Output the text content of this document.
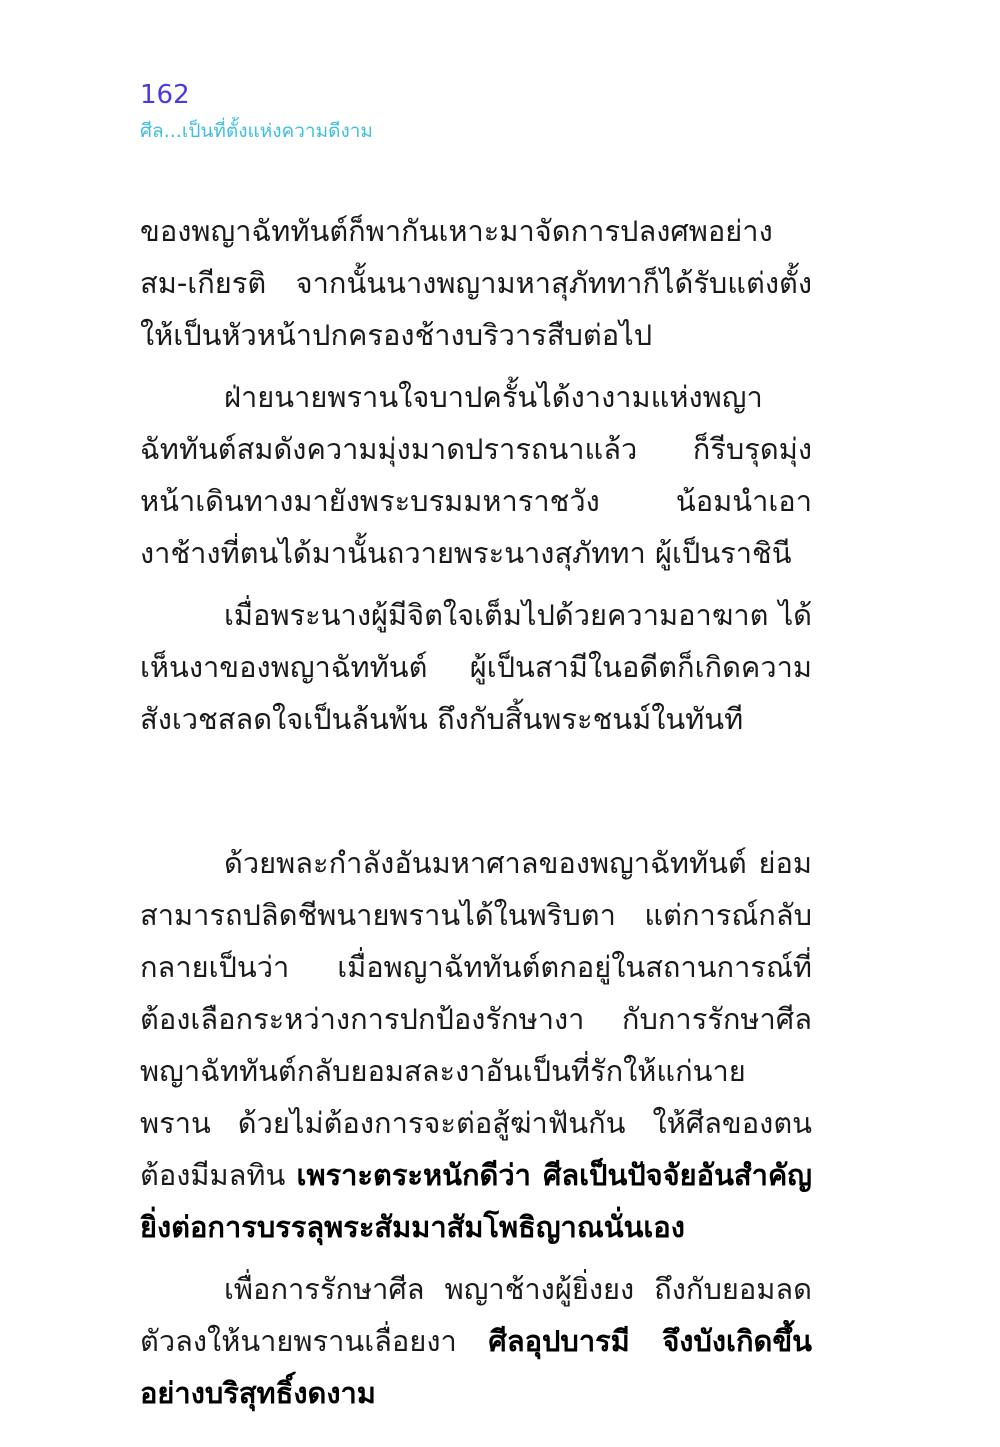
162
ศีล...เป็นที่ตั้งแห่งความดีงาม

ของพญาฉัททันต์ก็พากันเหาะมาจัดการปลงศพอย่างสม-เกียรติ จากนั้นนางพญามหาสุภัททาก็ได้รับแต่งตั้งให้เป็นหัวหน้าปกครองช้างบริวารสืบต่อไป

ฝ่ายนายพรานใจบาปครั้นได้งางามแห่งพญาฉัททันต์สมดังความมุ่งมาดปรารถนาแล้ว ก็รีบรุดมุ่งหน้าเดินทางมายังพระบรมมหาราชวัง น้อมนำเอางาช้างที่ตนได้มานั้นถวายพระนางสุภัททา ผู้เป็นราชินี

เมื่อพระนางผู้มีจิตใจเต็มไปด้วยความอาฆาต ได้เห็นงาของพญาฉัททันต์ ผู้เป็นสามีในอดีตก็เกิดความสังเวชสลดใจเป็นล้นพ้น ถึงกับสิ้นพระชนม์ในทันที

ด้วยพละกำลังอันมหาศาลของพญาฉัททันต์ ย่อมสามารถปลิดชีพนายพรานได้ในพริบตา แต่การณ์กลับกลายเป็นว่า เมื่อพญาฉัททันต์ตกอยู่ในสถานการณ์ที่ต้องเลือกระหว่างการปกป้องรักษางา กับการรักษาศีล พญาฉัททันต์กลับยอมสละงาอันเป็นที่รักให้แก่นายพราน ด้วยไม่ต้องการจะต่อสู้ฆ่าฟันกัน ให้ศีลของตนต้องมีมลทิน เพราะตระหนักดีว่า ศีลเป็นปัจจัยอันสำคัญยิ่งต่อการบรรลุพระสัมมาสัมโพธิญาณนั่นเอง

เพื่อการรักษาศีล พญาช้างผู้ยิ่งยง ถึงกับยอมลดตัวลงให้นายพรานเลื่อยงา ศีลอุปบารมี จึงบังเกิดขึ้นอย่างบริสุทธิ์งดงาม
